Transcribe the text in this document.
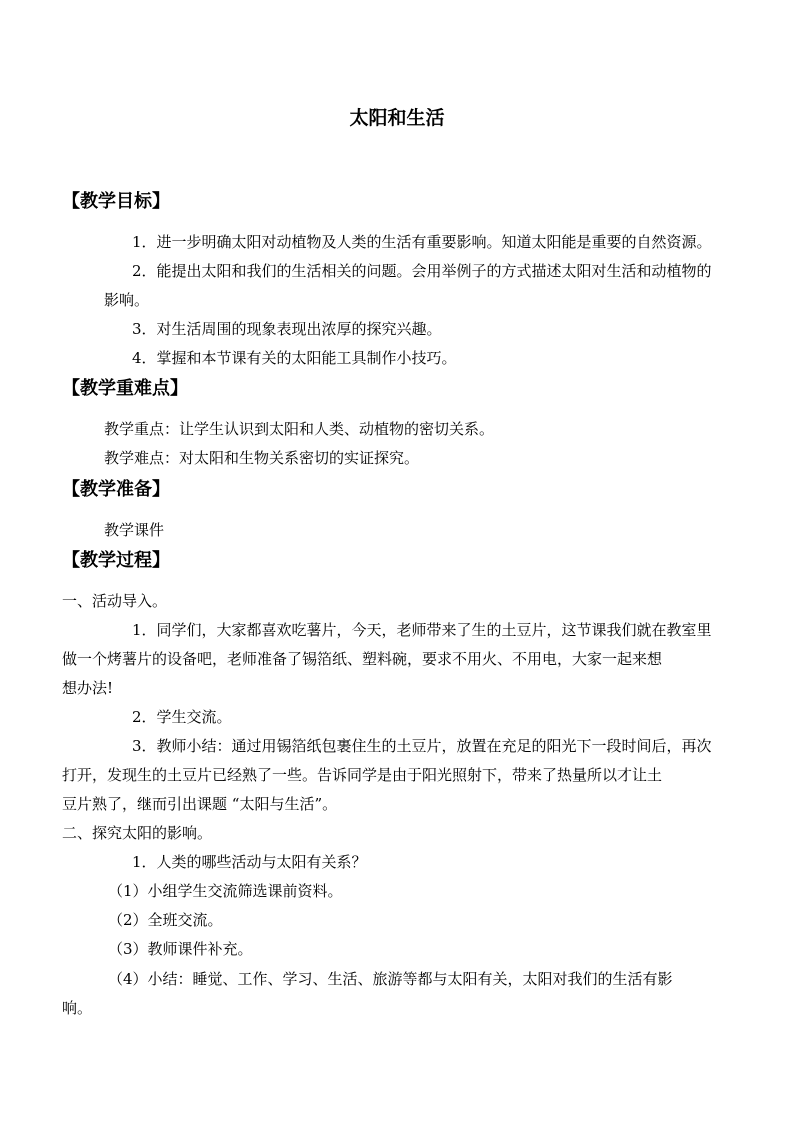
太阳和生活
【教学目标】
1．进一步明确太阳对动植物及人类的生活有重要影响。知道太阳能是重要的自然资源。
2．能提出太阳和我们的生活相关的问题。会用举例子的方式描述太阳对生活和动植物的
影响。
3．对生活周围的现象表现出浓厚的探究兴趣。
4．掌握和本节课有关的太阳能工具制作小技巧。
【教学重难点】
教学重点：让学生认识到太阳和人类、动植物的密切关系。
教学难点：对太阳和生物关系密切的实证探究。
【教学准备】
教学课件
【教学过程】
一、活动导入。
1．同学们，大家都喜欢吃薯片，今天，老师带来了生的土豆片，这节课我们就在教室里
做一个烤薯片的设备吧，老师准备了锡箔纸、塑料碗，要求不用火、不用电，大家一起来想
想办法!
2．学生交流。
3．教师小结：通过用锡箔纸包裹住生的土豆片，放置在充足的阳光下一段时间后，再次
打开，发现生的土豆片已经熟了一些。告诉同学是由于阳光照射下，带来了热量所以才让土
豆片熟了，继而引出课题 “太阳与生活”。
二、探究太阳的影响。
1．人类的哪些活动与太阳有关系？
（1）小组学生交流筛选课前资料。
（2）全班交流。
（3）教师课件补充。
（4）小结：睡觉、工作、学习、生活、旅游等都与太阳有关，太阳对我们的生活有影
响。
